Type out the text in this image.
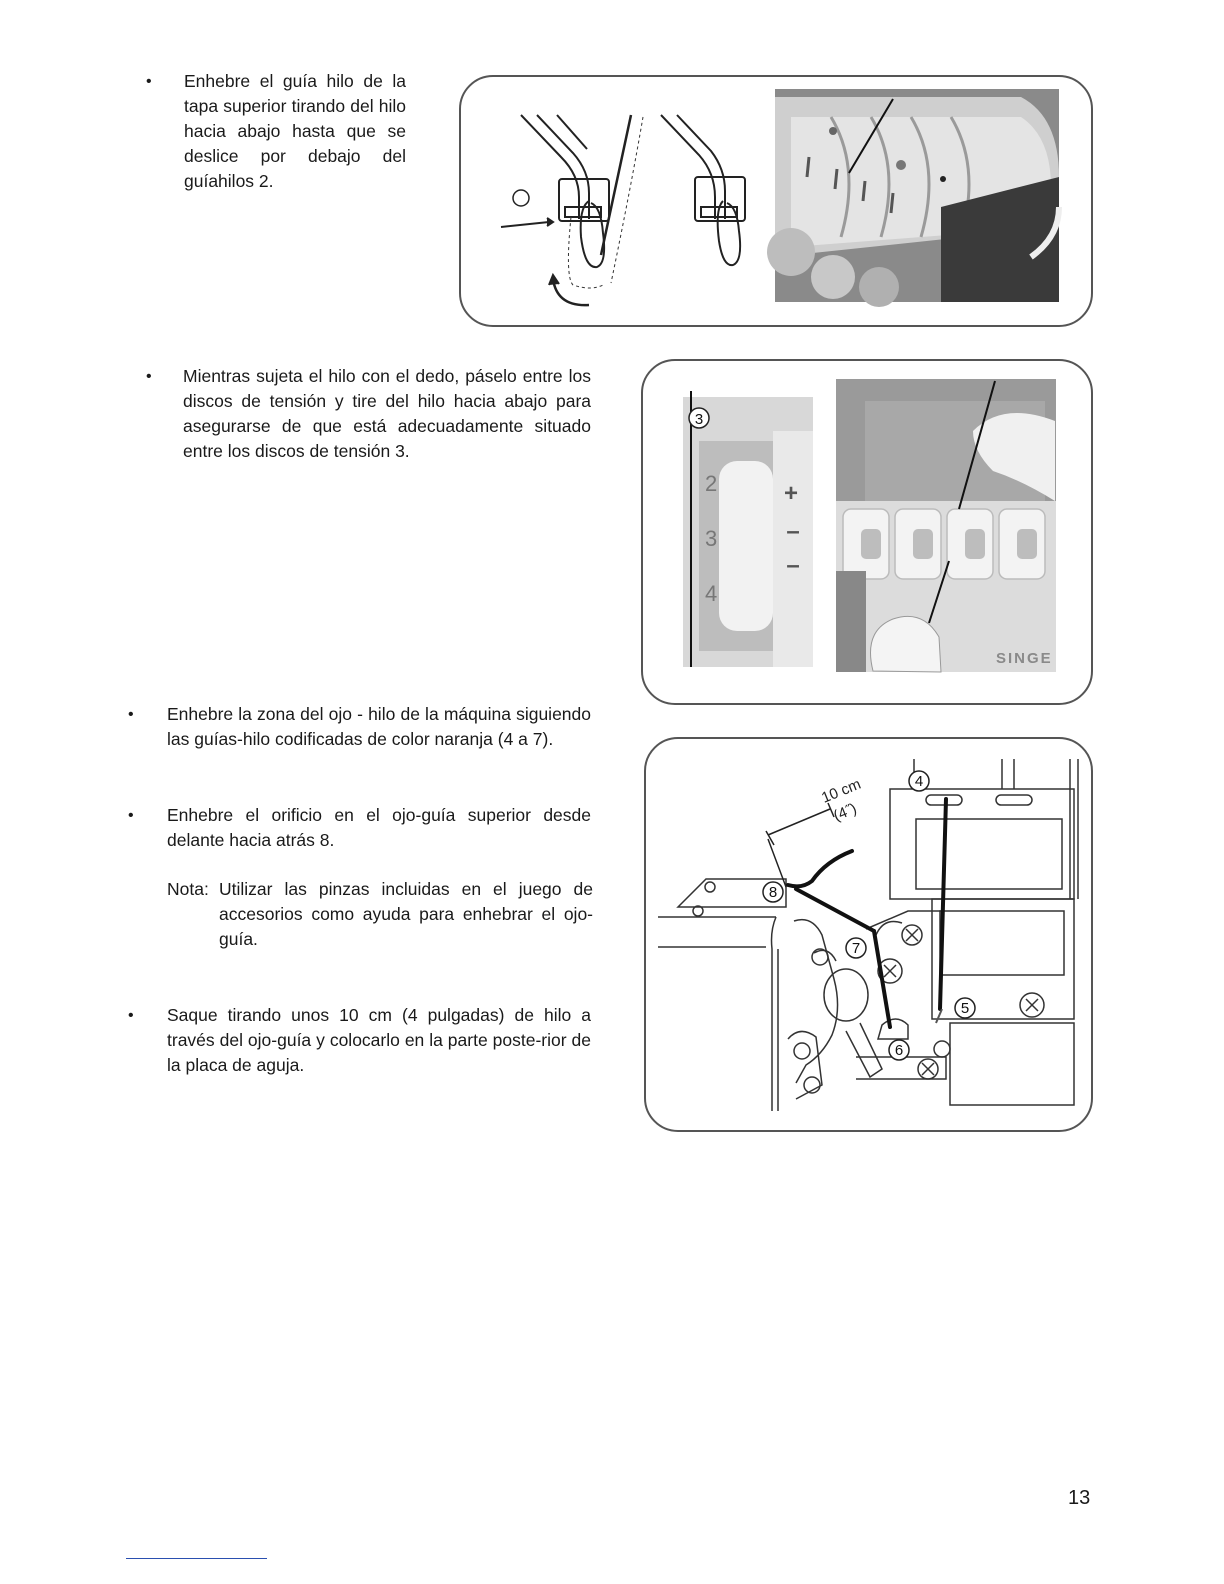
• Enhebre el guía hilo de la tapa superior tirando del hilo hacia abajo hasta que se deslice por debajo del guíahilos 2.
• Mientras sujeta el hilo con el dedo, páselo entre los discos de tensión y tire del hilo hacia abajo para asegurarse de que está adecuadamente situado entre los discos de tensión 3.
3
2
3
4
+
–
–
SINGE
• Enhebre la zona del ojo - hilo de la máquina siguiendo las guías-hilo codificadas de color naranja (4 a 7).
• Enhebre el orificio en el ojo-guía superior desde delante hacia atrás 8.
Nota: Utilizar las pinzas incluidas en el juego de accesorios como ayuda para enhebrar el ojo-guía.
• Saque tirando unos 10 cm (4 pulgadas) de hilo a través del ojo-guía y colocarlo en la parte poste-rior de la placa de aguja.
10 cm
(4˝)
4
5
6
7
8
13
